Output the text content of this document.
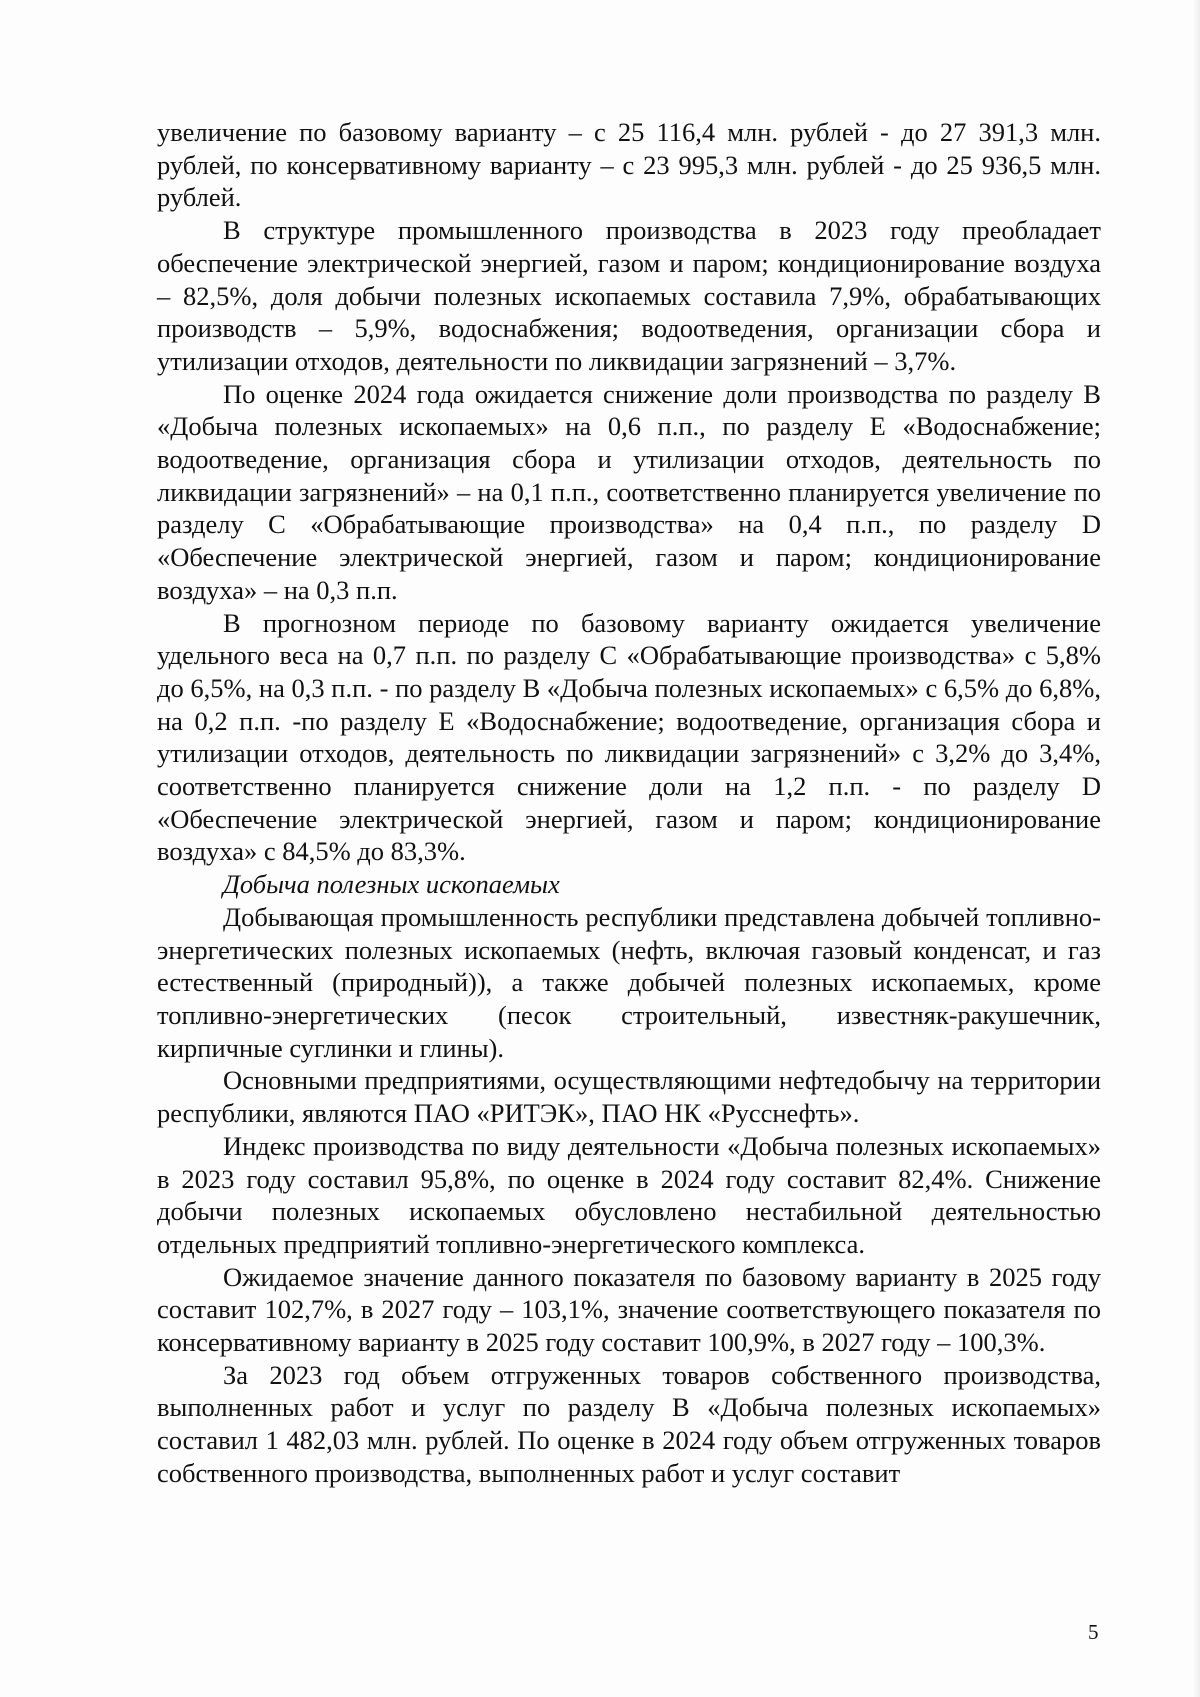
увеличение по базовому варианту – с 25 116,4 млн. рублей - до 27 391,3 млн. рублей, по консервативному варианту – с 23 995,3 млн. рублей - до 25 936,5 млн. рублей.

В структуре промышленного производства в 2023 году преобладает обеспечение электрической энергией, газом и паром; кондиционирование воздуха – 82,5%, доля добычи полезных ископаемых составила 7,9%, обрабатывающих производств – 5,9%, водоснабжения; водоотведения, организации сбора и утилизации отходов, деятельности по ликвидации загрязнений – 3,7%.

По оценке 2024 года ожидается снижение доли производства по разделу В «Добыча полезных ископаемых» на 0,6 п.п., по разделу Е «Водоснабжение; водоотведение, организация сбора и утилизации отходов, деятельность по ликвидации загрязнений» – на 0,1 п.п., соответственно планируется увеличение по разделу С «Обрабатывающие производства» на 0,4 п.п., по разделу D «Обеспечение электрической энергией, газом и паром; кондиционирование воздуха» – на 0,3 п.п.

В прогнозном периоде по базовому варианту ожидается увеличение удельного веса на 0,7 п.п. по разделу С «Обрабатывающие производства» с 5,8% до 6,5%, на 0,3 п.п. - по разделу В «Добыча полезных ископаемых» с 6,5% до 6,8%, на 0,2 п.п. -по разделу Е «Водоснабжение; водоотведение, организация сбора и утилизации отходов, деятельность по ликвидации загрязнений» с 3,2% до 3,4%, соответственно планируется снижение доли на 1,2 п.п. - по разделу D «Обеспечение электрической энергией, газом и паром; кондиционирование воздуха» с 84,5% до 83,3%.

Добыча полезных ископаемых

Добывающая промышленность республики представлена добычей топливно-энергетических полезных ископаемых (нефть, включая газовый конденсат, и газ естественный (природный)), а также добычей полезных ископаемых, кроме топливно-энергетических (песок строительный, известняк-ракушечник, кирпичные суглинки и глины).

Основными предприятиями, осуществляющими нефтедобычу на территории республики, являются ПАО «РИТЭК», ПАО НК «Русснефть».

Индекс производства по виду деятельности «Добыча полезных ископаемых» в 2023 году составил 95,8%, по оценке в 2024 году составит 82,4%. Снижение добычи полезных ископаемых обусловлено нестабильной деятельностью отдельных предприятий топливно-энергетического комплекса.

Ожидаемое значение данного показателя по базовому варианту в 2025 году составит 102,7%, в 2027 году – 103,1%, значение соответствующего показателя по консервативному варианту в 2025 году составит 100,9%, в 2027 году – 100,3%.

За 2023 год объем отгруженных товаров собственного производства, выполненных работ и услуг по разделу В «Добыча полезных ископаемых» составил 1 482,03 млн. рублей. По оценке в 2024 году объем отгруженных товаров собственного производства, выполненных работ и услуг составит

5
